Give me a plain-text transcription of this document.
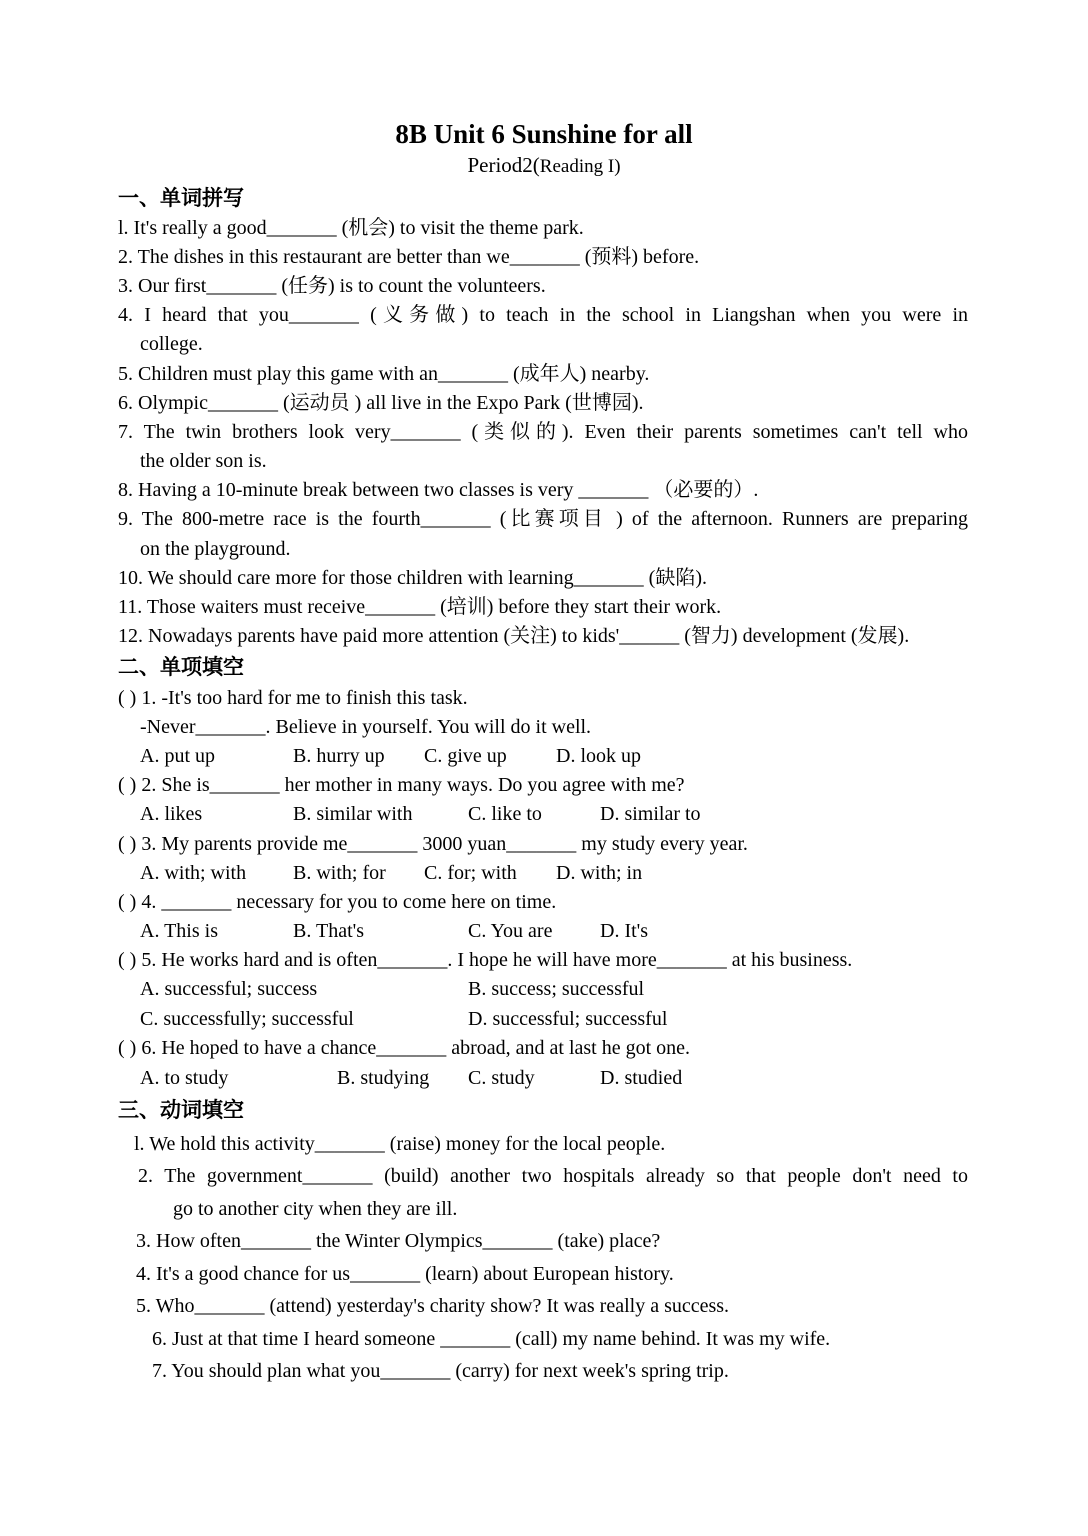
8B Unit 6 Sunshine for all
Period2(Reading I)
一、单词拼写
l. It's really a good_______ (机会) to visit the theme park.
2. The dishes in this restaurant are better than we_______ (预料) before.
3. Our first_______ (任务) is to count the volunteers.
4. I heard that you_______ (义务做) to teach in the school in Liangshan when you were in
college.
5. Children must play this game with an_______ (成年人) nearby.
6. Olympic_______ (运动员 ) all live in the Expo Park (世博园).
7. The twin brothers look very_______ (类似的). Even their parents sometimes can't tell who
the older son is.
8. Having a 10-minute break between two classes is very _______ （必要的）.
9. The 800-metre race is the fourth_______ (比赛项目 ) of the afternoon. Runners are preparing
on the playground.
10. We should care more for those children with learning_______ (缺陷).
11. Those waiters must receive_______ (培训) before they start their work.
12. Nowadays parents have paid more attention (关注) to kids'______ (智力) development (发展).
二、单项填空
( ) 1. -It's too hard for me to finish this task.
-Never_______. Believe in yourself. You will do it well.
A. put up	B. hurry up C. give up D. look up
( ) 2. She is_______ her mother in many ways. Do you agree with me?
A. likes	B. similar with	C. like to	D. similar to
( ) 3. My parents provide me_______ 3000 yuan_______ my study every year.
A. with; with B. with; for C. for; with D. with; in
( ) 4. _______ necessary for you to come here on time.
A. This is	B. That's	C. You are D. It's
( ) 5. He works hard and is often_______. I hope he will have more_______ at his business.
A. successful; success	B. success; successful
C. successfully; successful	D. successful; successful
( ) 6. He hoped to have a chance_______ abroad, and at last he got one.
A. to study	B. studying C. study	D. studied
三、动词填空
l. We hold this activity_______ (raise) money for the local people.
2. The government_______ (build) another two hospitals already so that people don't need to
go to another city when they are ill.
3. How often_______ the Winter Olympics_______ (take) place?
4. It's a good chance for us_______ (learn) about European history.
5. Who_______ (attend) yesterday's charity show? It was really a success.
6. Just at that time I heard someone _______ (call) my name behind. It was my wife.
7. You should plan what you_______ (carry) for next week's spring trip.
